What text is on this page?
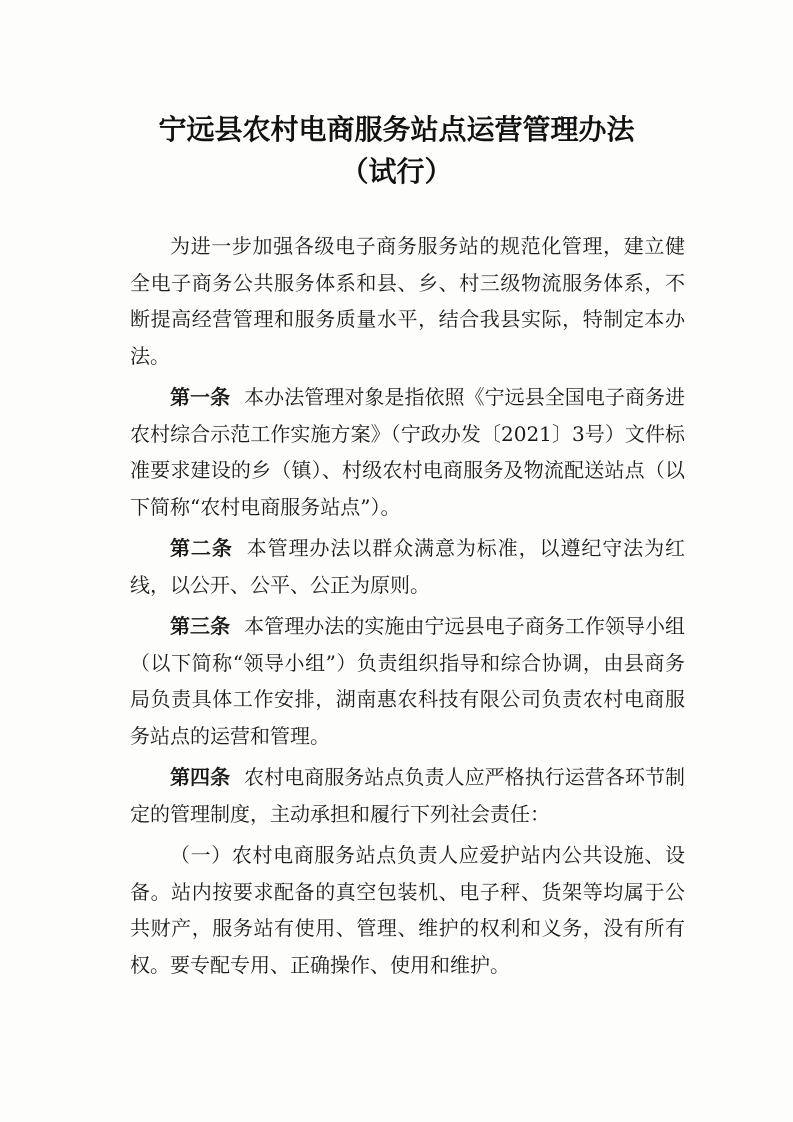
宁远县农村电商服务站点运营管理办法
（试行）

为进一步加强各级电子商务服务站的规范化管理，建立健全电子商务公共服务体系和县、乡、村三级物流服务体系，不断提高经营管理和服务质量水平，结合我县实际，特制定本办法。

第一条 本办法管理对象是指依照《宁远县全国电子商务进农村综合示范工作实施方案》（宁政办发〔2021〕3号）文件标准要求建设的乡（镇）、村级农村电商服务及物流配送站点（以下简称“农村电商服务站点”）。

第二条 本管理办法以群众满意为标准，以遵纪守法为红线，以公开、公平、公正为原则。

第三条 本管理办法的实施由宁远县电子商务工作领导小组（以下简称“领导小组”）负责组织指导和综合协调，由县商务局负责具体工作安排，湖南惠农科技有限公司负责农村电商服务站点的运营和管理。

第四条 农村电商服务站点负责人应严格执行运营各环节制定的管理制度，主动承担和履行下列社会责任：

（一）农村电商服务站点负责人应爱护站内公共设施、设备。站内按要求配备的真空包装机、电子秤、货架等均属于公共财产，服务站有使用、管理、维护的权利和义务，没有所有权。要专配专用、正确操作、使用和维护。
